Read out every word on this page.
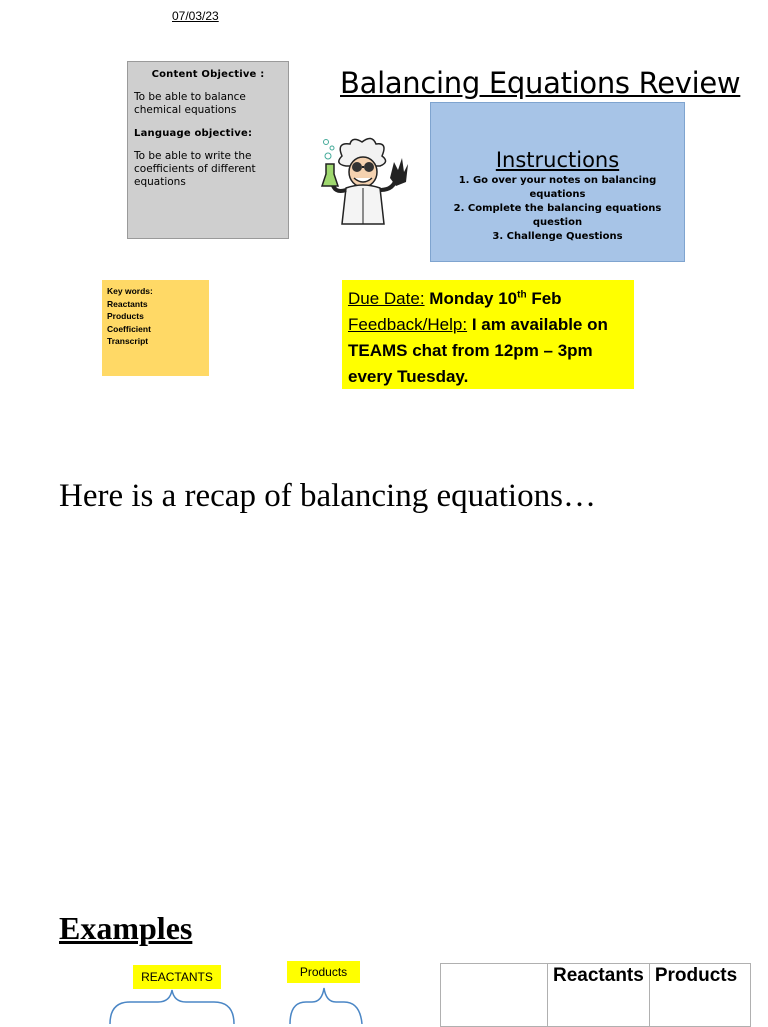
07/03/23
Content Objective :

To be able to balance chemical equations

Language objective:

To be able to write the coefficients of different equations

Balancing Equations Review
Instructions
1. Go over your notes on balancing equations
2. Complete the balancing equations question
3. Challenge Questions
Key words:
Reactants
Products
Coefficient
Transcript
Due Date: Monday 10th Feb
Feedback/Help: I am available on TEAMS chat from 12pm – 3pm every Tuesday.
Here is a recap of balancing equations…
Examples
REACTANTS	Products
		Reactants	Products
